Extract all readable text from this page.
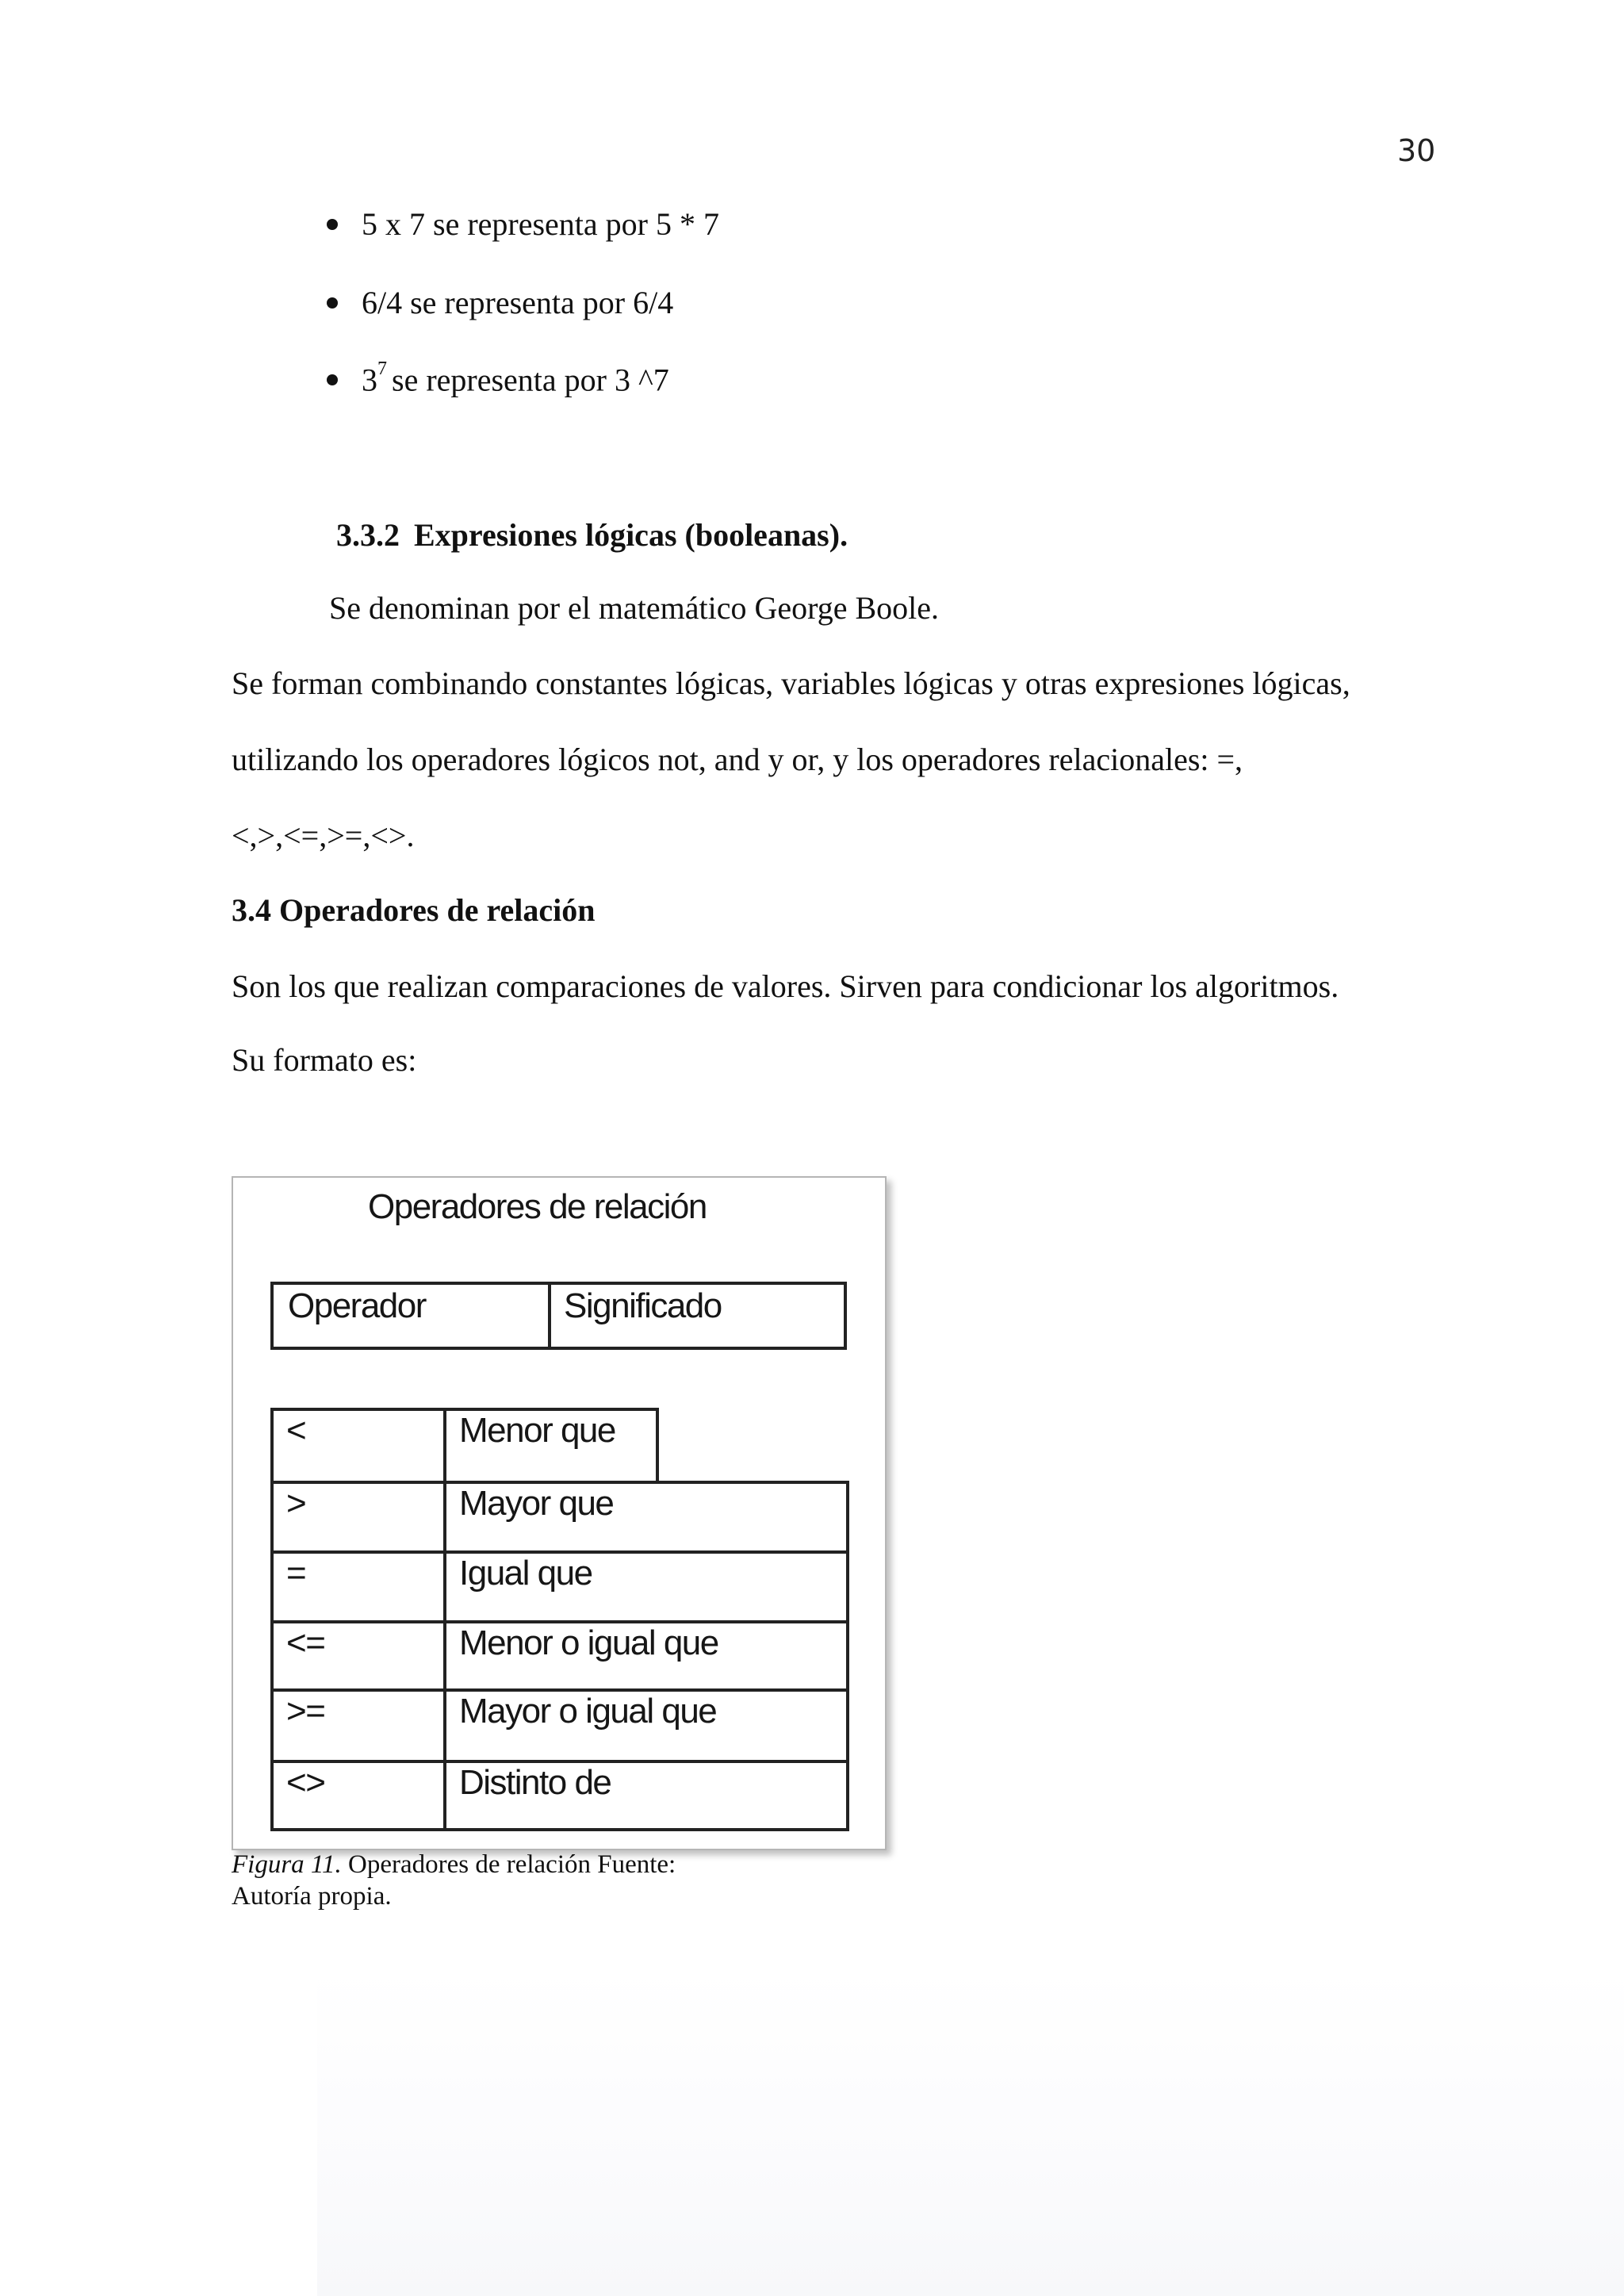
30
5 x 7 se representa por 5 * 7
6/4 se representa por 6/4
$3^7$ se representa por 3 ^7
3.3.2 Expresiones lógicas (booleanas).
Se denominan por el matemático George Boole.
Se forman combinando constantes lógicas, variables lógicas y otras expresiones lógicas,
utilizando los operadores lógicos not, and y or, y los operadores relacionales: =,
<,>,<=,>=,<>.
3.4 Operadores de relación
Son los que realizan comparaciones de valores. Sirven para condicionar los algoritmos.
Su formato es:
Operadores de relación
Operador	Significado
<	Menor que
>	Mayor que
=	Igual que
<=	Menor o igual que
>=	Mayor o igual que
<>	Distinto de
Figura 11. Operadores de relación Fuente:
Autoría propia.
